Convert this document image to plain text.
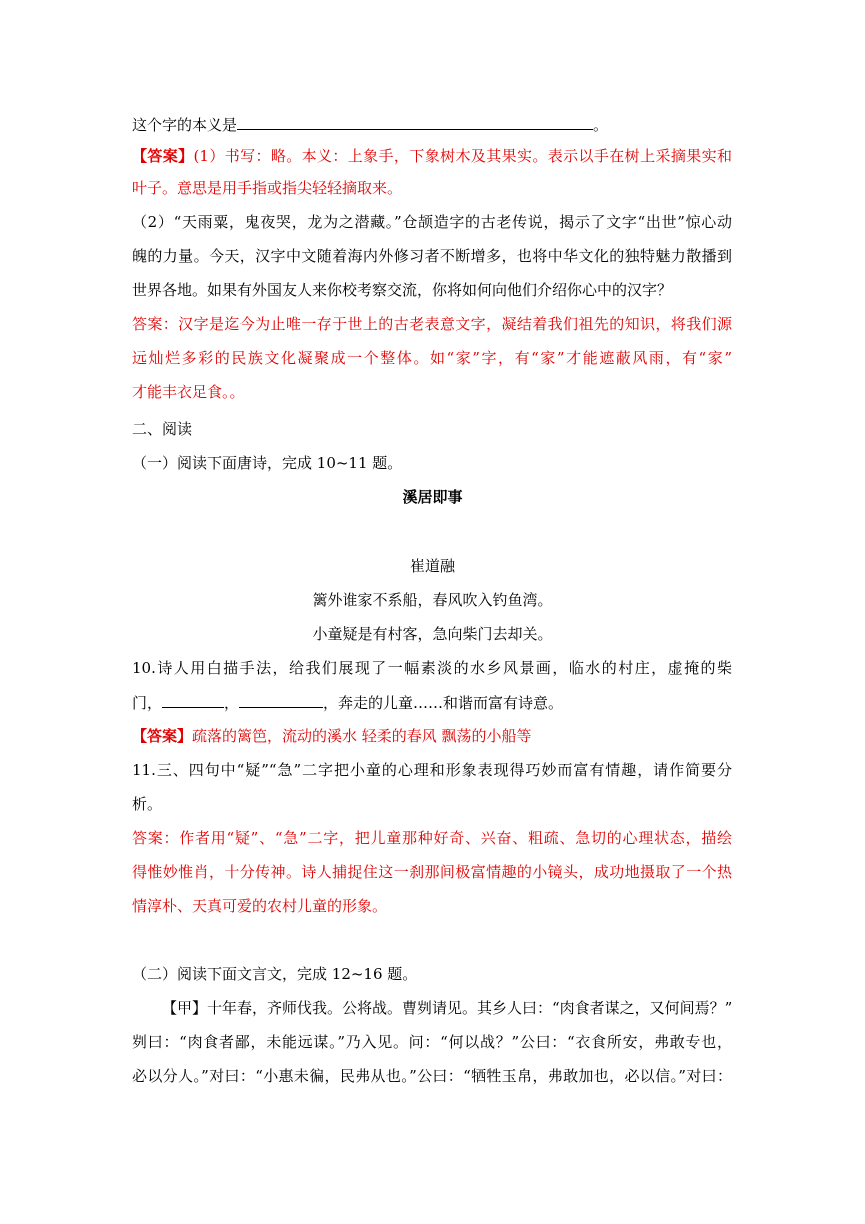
这个字的本义是	。
【答案】(1）书写：略。本义：上象手，下象树木及其果实。表示以手在树上采摘果实和
叶子。意思是用手指或指尖轻轻摘取来。
（2）“天雨粟，鬼夜哭，龙为之潜藏。”仓颉造字的古老传说，揭示了文字“出世”惊心动
魄的力量。今天，汉字中文随着海内外修习者不断增多，也将中华文化的独特魅力散播到
世界各地。如果有外国友人来你校考察交流，你将如何向他们介绍你心中的汉字？
答案：汉字是迄今为止唯一存于世上的古老表意文字，凝结着我们祖先的知识，将我们源
远灿烂多彩的民族文化凝聚成一个整体。如“家”字，有“家”才能遮蔽风雨，有“家”
才能丰衣足食。。
二、阅读
（一）阅读下面唐诗，完成 10~11 题。
溪居即事
崔道融
篱外谁家不系船，春风吹入钓鱼湾。
小童疑是有村客，急向柴门去却关。
10.诗人用白描手法，给我们展现了一幅素淡的水乡风景画，临水的村庄，虚掩的柴
门，	，	，奔走的儿童……和谐而富有诗意。
【答案】疏落的篱笆，流动的溪水 轻柔的春风 飘荡的小船等
11.三、四句中“疑”“急”二字把小童的心理和形象表现得巧妙而富有情趣，请作简要分
析。
答案：作者用“疑”、“急”二字，把儿童那种好奇、兴奋、粗疏、急切的心理状态，描绘
得惟妙惟肖，十分传神。诗人捕捉住这一刹那间极富情趣的小镜头，成功地摄取了一个热
情淳朴、天真可爱的农村儿童的形象。
（二）阅读下面文言文，完成 12~16 题。
【甲】十年春，齐师伐我。公将战。曹刿请见。其乡人曰：“肉食者谋之，又何间焉？”
刿曰：“肉食者鄙，未能远谋。”乃入见。问：“何以战？”公曰：“衣食所安，弗敢专也，
必以分人。”对曰：“小惠未徧，民弗从也。”公曰：“牺牲玉帛，弗敢加也，必以信。”对曰：
